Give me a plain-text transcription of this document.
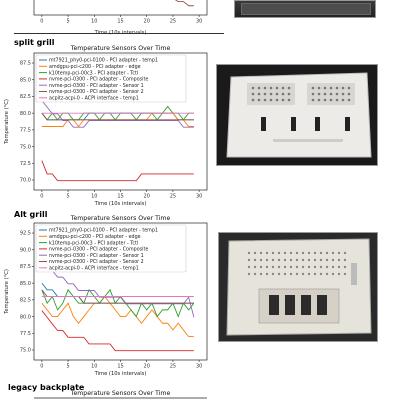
0	5	10	15	20	25	30
split grill
Temperature Sensors Over Time
0	5	10	15	20	25	30
70.0
72.5
75.0
77.5
80.0
82.5
85.0
87.5
Time (10s intervals)
Temperature (°C)
mt7921_phy0-pci-0100 - PCI adapter - temp1
amdgpu-pci-c200 - PCI adapter - edge
k10temp-pci-00c3 - PCI adapter - Tctl
nvme-pci-0300 - PCI adapter - Composite
nvme-pci-0300 - PCI adapter - Sensor 1
nvme-pci-0300 - PCI adapter - Sensor 2
acpitz-acpi-0 - ACPI interface - temp1
Alt grill	Temperature Sensors Over Time
0	5	10	15	20	25	30
75.0
77.5
80.0
82.5
85.0
87.5
90.0
92.5
Time (10s intervals)
Temperature (°C)
mt7921_phy0-pci-0100 - PCI adapter - temp1
amdgpu-pci-c200 - PCI adapter - edge
k10temp-pci-00c3 - PCI adapter - Tctl
nvme-pci-0300 - PCI adapter - Composite
nvme-pci-0300 - PCI adapter - Sensor 1
nvme-pci-0300 - PCI adapter - Sensor 2
acpitz-acpi-0 - ACPI interface - temp1
legacy backplate
Temperature Sensors Over Time
